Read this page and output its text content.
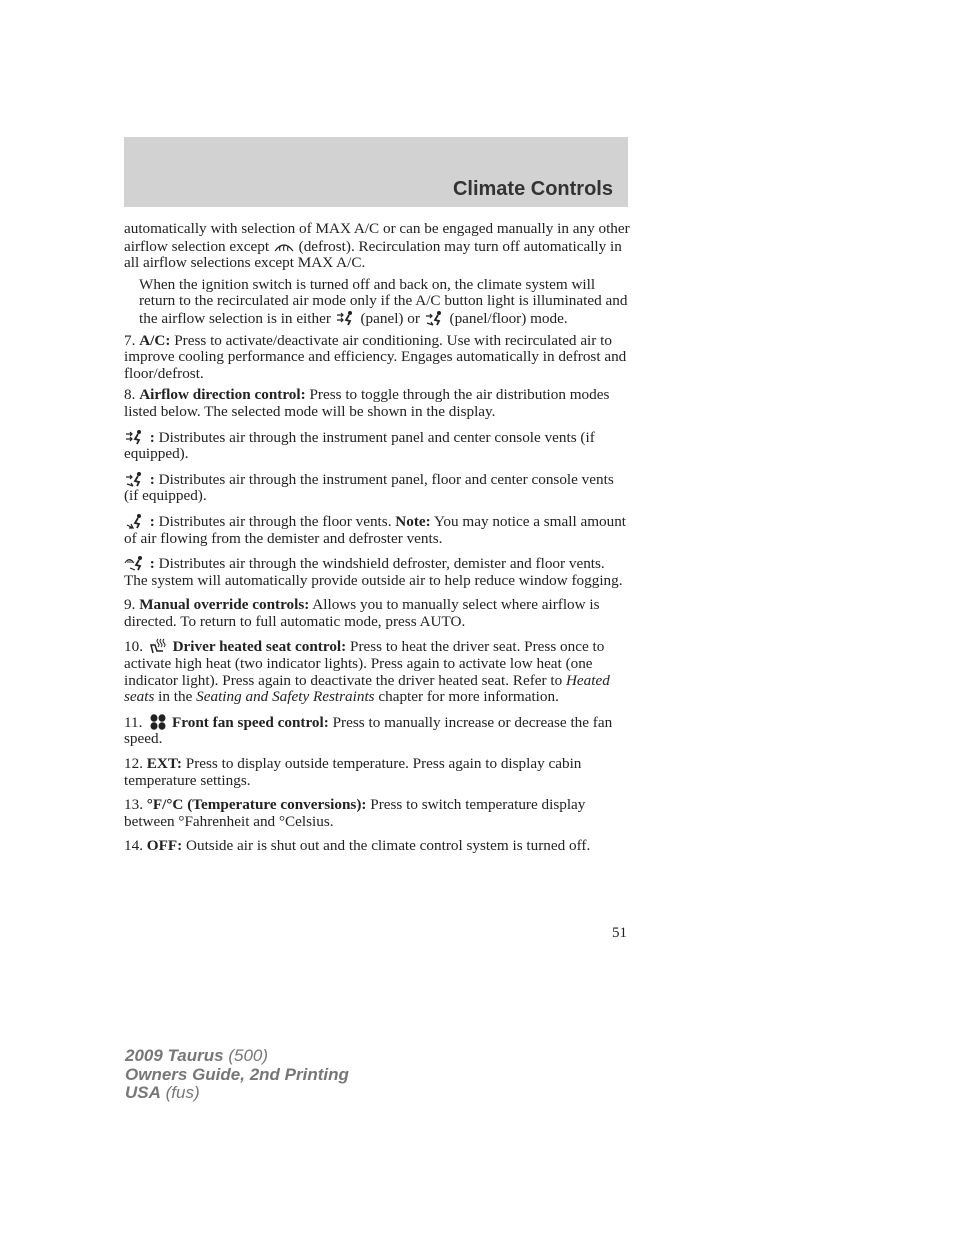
Climate Controls

automatically with selection of MAX A/C or can be engaged manually in any other airflow selection except (defrost). Recirculation may turn off automatically in all airflow selections except MAX A/C.

When the ignition switch is turned off and back on, the climate system will return to the recirculated air mode only if the A/C button light is illuminated and the airflow selection is in either (panel) or (panel/floor) mode.

7. A/C: Press to activate/deactivate air conditioning. Use with recirculated air to improve cooling performance and efficiency. Engages automatically in defrost and floor/defrost.

8. Airflow direction control: Press to toggle through the air distribution modes listed below. The selected mode will be shown in the display.

: Distributes air through the instrument panel and center console vents (if equipped).

: Distributes air through the instrument panel, floor and center console vents (if equipped).

: Distributes air through the floor vents. Note: You may notice a small amount of air flowing from the demister and defroster vents.

: Distributes air through the windshield defroster, demister and floor vents. The system will automatically provide outside air to help reduce window fogging.

9. Manual override controls: Allows you to manually select where airflow is directed. To return to full automatic mode, press AUTO.

10. Driver heated seat control: Press to heat the driver seat. Press once to activate high heat (two indicator lights). Press again to activate low heat (one indicator light). Press again to deactivate the driver heated seat. Refer to Heated seats in the Seating and Safety Restraints chapter for more information.

11. Front fan speed control: Press to manually increase or decrease the fan speed.

12. EXT: Press to display outside temperature. Press again to display cabin temperature settings.

13. °F/°C (Temperature conversions): Press to switch temperature display between °Fahrenheit and °Celsius.

14. OFF: Outside air is shut out and the climate control system is turned off.

51
2009 Taurus (500)
Owners Guide, 2nd Printing
USA (fus)
